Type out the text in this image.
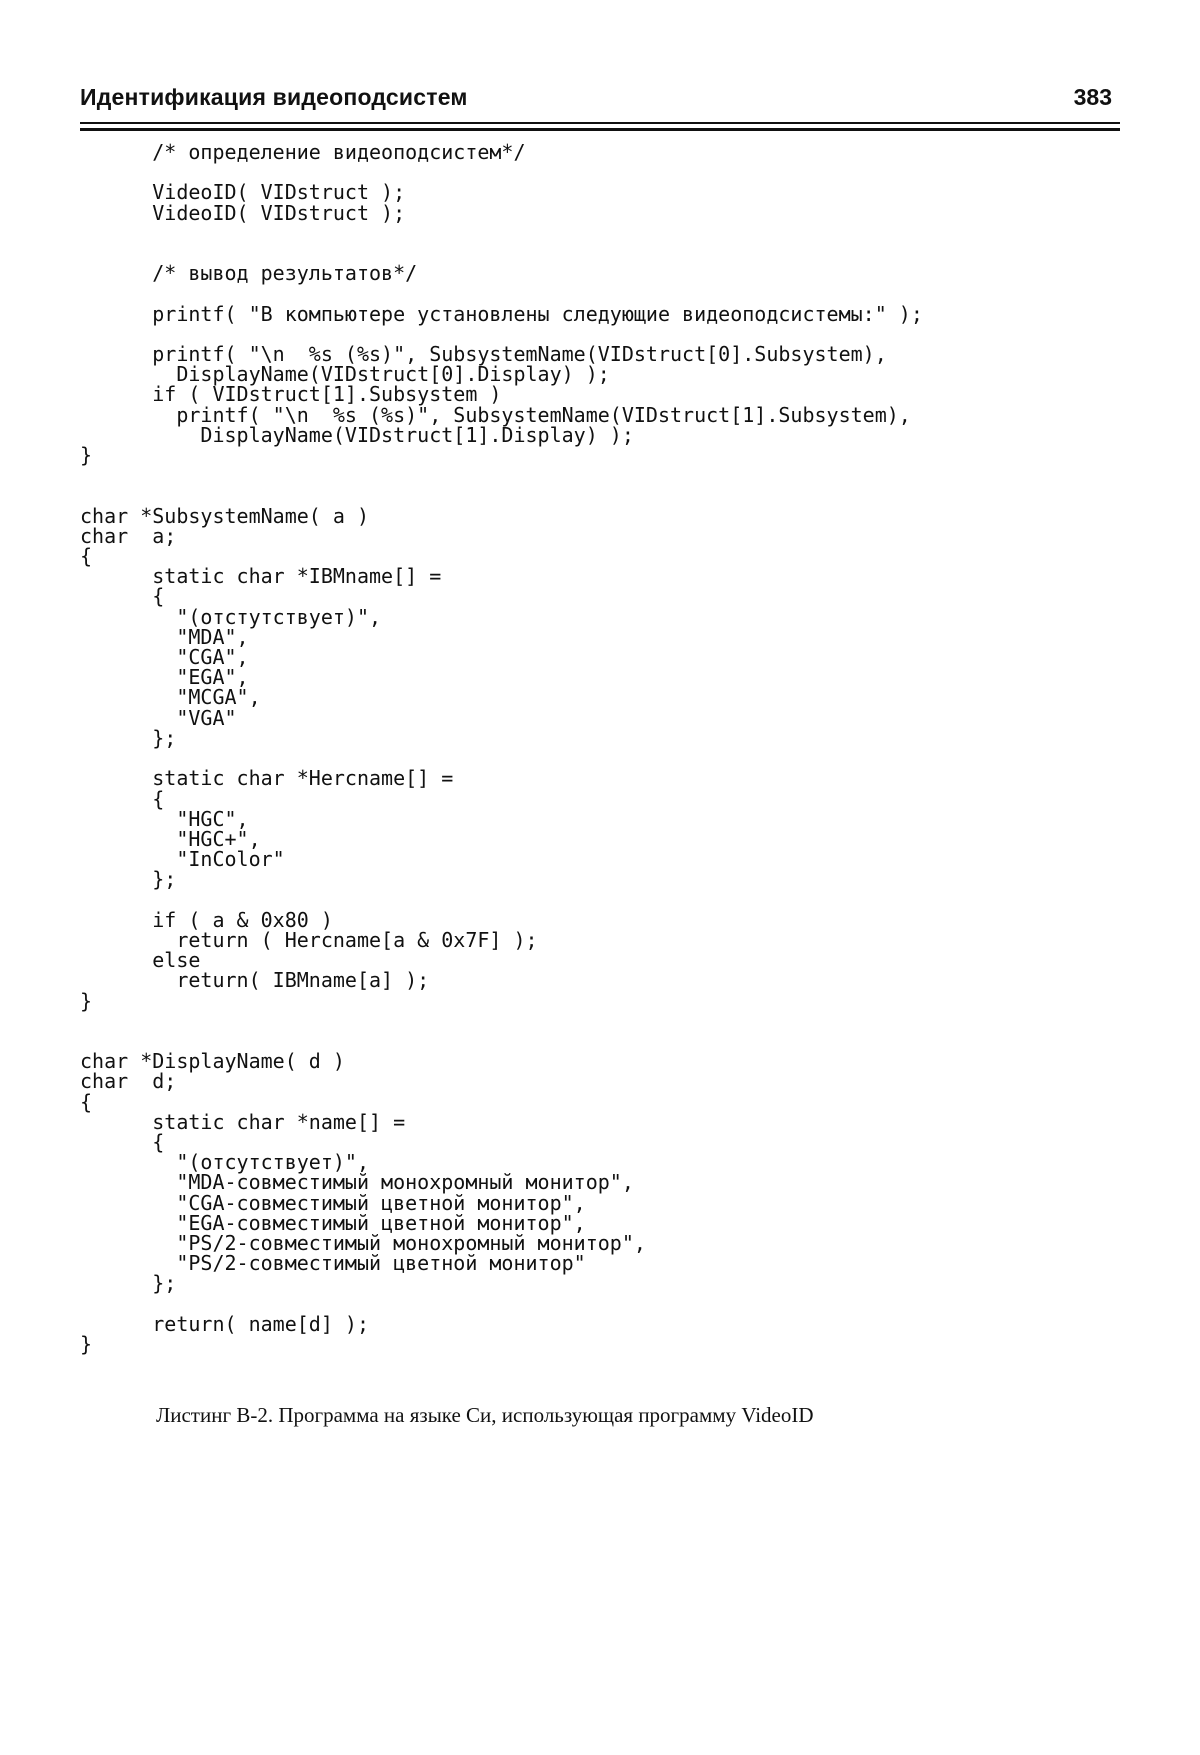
Идентификация видеоподсистем	383
/* определение видеоподсистем*/

VideoID( VIDstruct );
VideoID( VIDstruct );

/* вывод результатов*/

printf( "В компьютере установлены следующие видеоподсистемы:" );

printf( "\n  %s (%s)", SubsystemName(VIDstruct[0].Subsystem),
DisplayName(VIDstruct[0].Display) );
if ( VIDstruct[1].Subsystem )
printf( "\n  %s (%s)", SubsystemName(VIDstruct[1].Subsystem),
DisplayName(VIDstruct[1].Display) );
}

char *SubsystemName( a )
char  a;
{
static char *IBMname[] =
{
"(отстутствует)",
"MDA",
"CGA",
"EGA",
"MCGA",
"VGA"
};

static char *Hercname[] =
{
"HGC",
"HGC+",
"InColor"
};

if ( a & 0x80 )
return ( Hercname[a & 0x7F] );
else
return( IBMname[a] );
}

char *DisplayName( d )
char  d;
{
static char *name[] =
{
"(отсутствует)",
"MDA-совместимый монохромный монитор",
"CGA-совместимый цветной монитор",
"EGA-совместимый цветной монитор",
"PS/2-совместимый монохромный монитор",
"PS/2-совместимый цветной монитор"
};

return( name[d] );
}
Листинг В-2. Программа на языке Си, использующая программу VideoID
